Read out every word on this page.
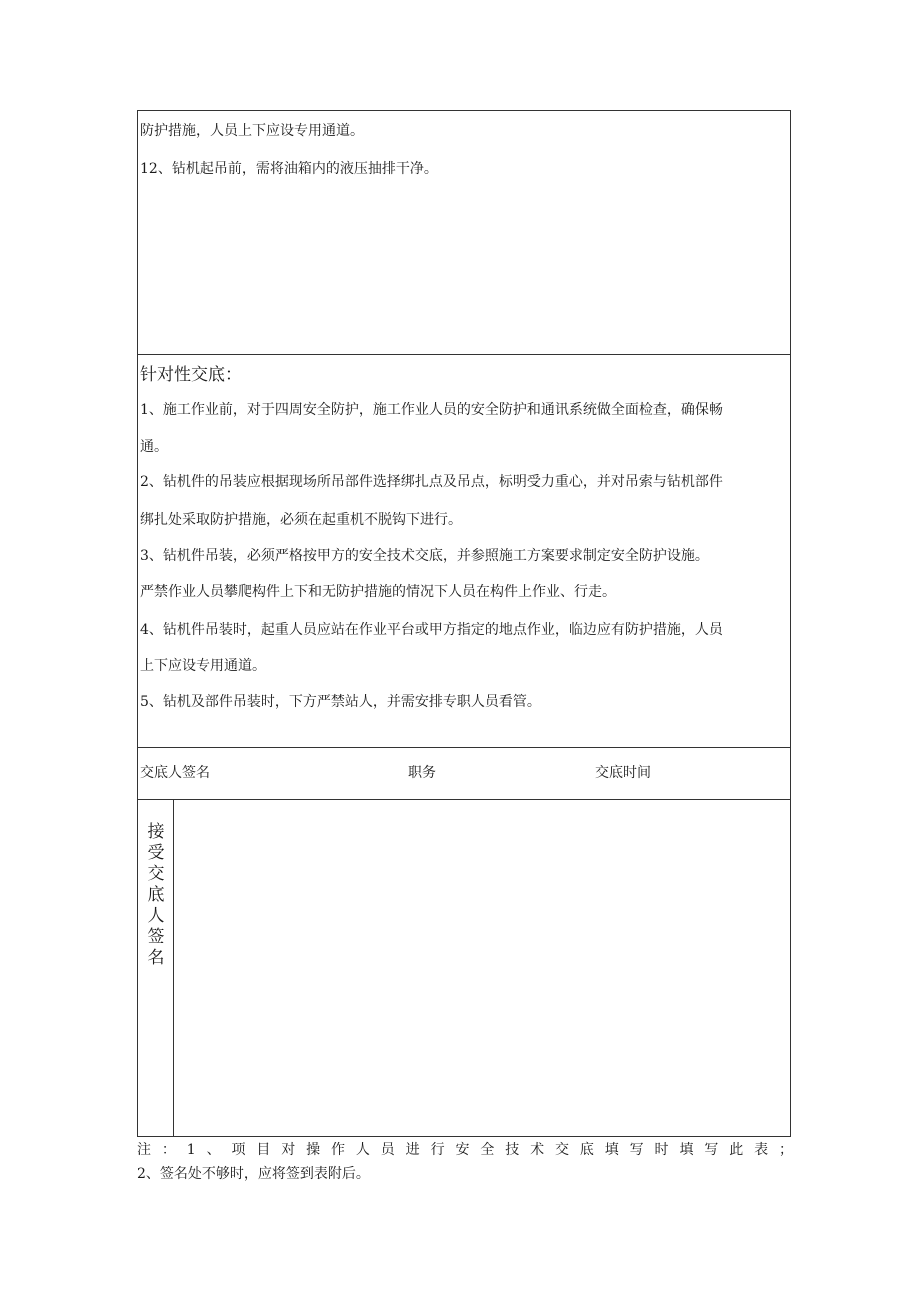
防护措施，人员上下应设专用通道。
12、钻机起吊前，需将油箱内的液压抽排干净。
针对性交底：
1、施工作业前，对于四周安全防护，施工作业人员的安全防护和通讯系统做全面检查，确保畅
通。
2、钻机件的吊装应根据现场所吊部件选择绑扎点及吊点，标明受力重心，并对吊索与钻机部件
绑扎处采取防护措施，必须在起重机不脱钩下进行。
3、钻机件吊装，必须严格按甲方的安全技术交底，并参照施工方案要求制定安全防护设施。
严禁作业人员攀爬构件上下和无防护措施的情况下人员在构件上作业、行走。
4、钻机件吊装时，起重人员应站在作业平台或甲方指定的地点作业，临边应有防护措施，人员
上下应设专用通道。
5、钻机及部件吊装时，下方严禁站人，并需安排专职人员看管。
交底人签名	职务	交底时间
接受交底人签名
注：1、项目对操作人员进行安全技术交底填写时填写此表；
2、签名处不够时，应将签到表附后。
